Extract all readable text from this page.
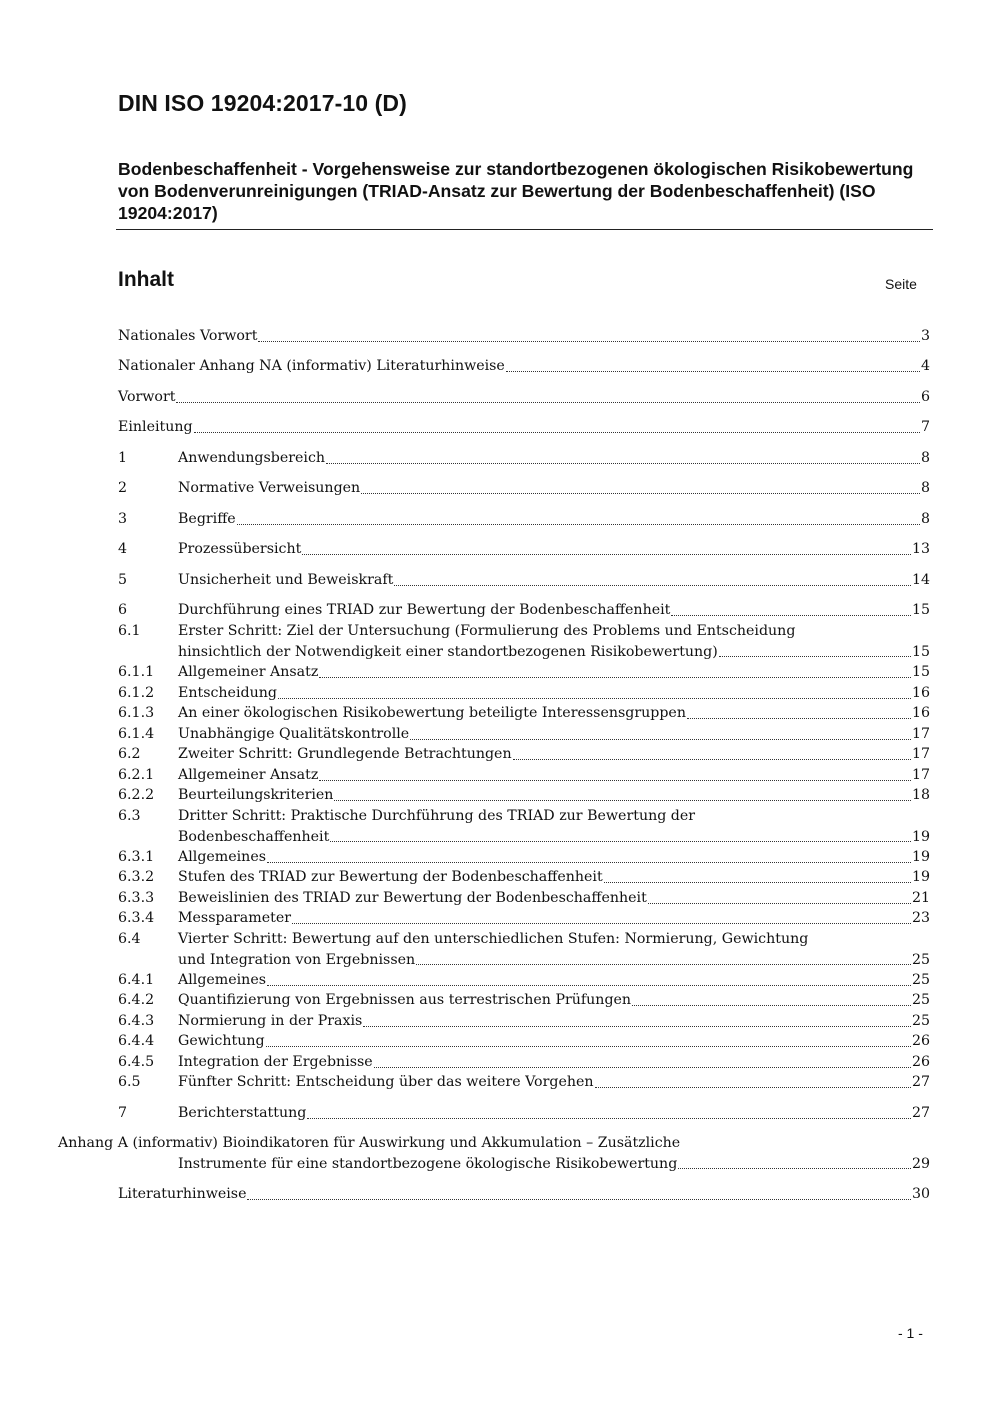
DIN ISO 19204:2017-10 (D)
Bodenbeschaffenheit - Vorgehensweise zur standortbezogenen ökologischen Risikobewertung von Bodenverunreinigungen (TRIAD-Ansatz zur Bewertung der Bodenbeschaffenheit) (ISO 19204:2017)
Inhalt	Seite
Nationales Vorwort	3
Nationaler Anhang NA (informativ) Literaturhinweise	4
Vorwort	6
Einleitung	7
1	Anwendungsbereich	8
2	Normative Verweisungen	8
3	Begriffe	8
4	Prozessübersicht	13
5	Unsicherheit und Beweiskraft	14
6	Durchführung eines TRIAD zur Bewertung der Bodenbeschaffenheit	15
6.1	Erster Schritt: Ziel der Untersuchung (Formulierung des Problems und Entscheidung
hinsichtlich der Notwendigkeit einer standortbezogenen Risikobewertung)	15
6.1.1 Allgemeiner Ansatz	15
6.1.2 Entscheidung	16
6.1.3 An einer ökologischen Risikobewertung beteiligte Interessensgruppen	16
6.1.4 Unabhängige Qualitätskontrolle	17
6.2	Zweiter Schritt: Grundlegende Betrachtungen	17
6.2.1 Allgemeiner Ansatz	17
6.2.2 Beurteilungskriterien	18
6.3	Dritter Schritt: Praktische Durchführung des TRIAD zur Bewertung der
Bodenbeschaffenheit	19
6.3.1 Allgemeines	19
6.3.2 Stufen des TRIAD zur Bewertung der Bodenbeschaffenheit	19
6.3.3 Beweislinien des TRIAD zur Bewertung der Bodenbeschaffenheit	21
6.3.4 Messparameter	23
6.4	Vierter Schritt: Bewertung auf den unterschiedlichen Stufen: Normierung, Gewichtung
und Integration von Ergebnissen	25
6.4.1 Allgemeines	25
6.4.2 Quantifizierung von Ergebnissen aus terrestrischen Prüfungen	25
6.4.3 Normierung in der Praxis	25
6.4.4 Gewichtung	26
6.4.5 Integration der Ergebnisse	26
6.5	Fünfter Schritt: Entscheidung über das weitere Vorgehen	27
7	Berichterstattung	27
Anhang A (informativ) Bioindikatoren für Auswirkung und Akkumulation – Zusätzliche
Instrumente für eine standortbezogene ökologische Risikobewertung	29
Literaturhinweise	30
- 1 -
